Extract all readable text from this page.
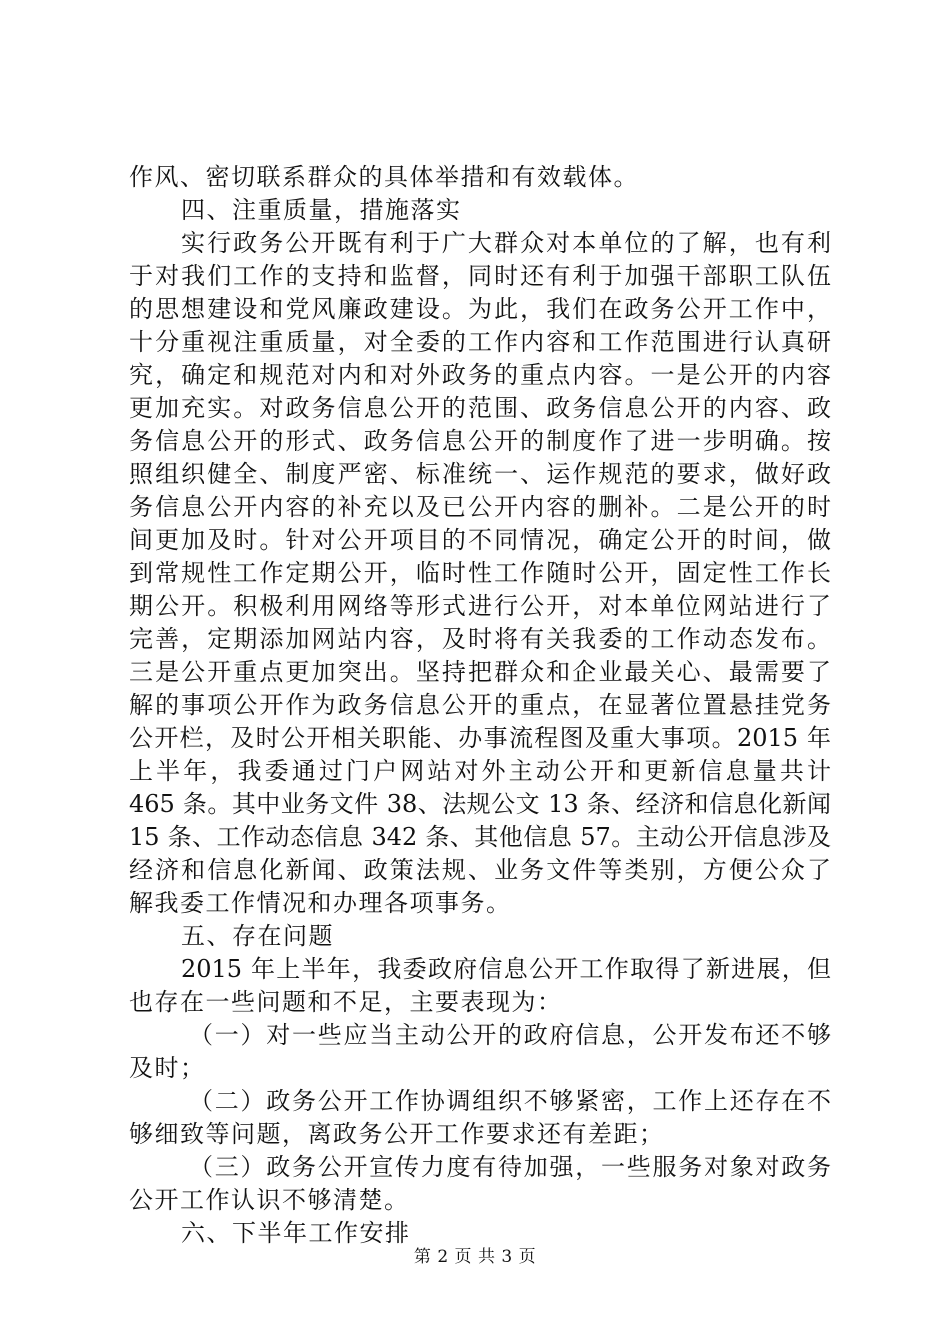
作风、密切联系群众的具体举措和有效载体。
四、注重质量，措施落实
实行政务公开既有利于广大群众对本单位的了解，也有利
于对我们工作的支持和监督，同时还有利于加强干部职工队伍
的思想建设和党风廉政建设。为此，我们在政务公开工作中，
十分重视注重质量，对全委的工作内容和工作范围进行认真研
究，确定和规范对内和对外政务的重点内容。一是公开的内容
更加充实。对政务信息公开的范围、政务信息公开的内容、政
务信息公开的形式、政务信息公开的制度作了进一步明确。按
照组织健全、制度严密、标准统一、运作规范的要求，做好政
务信息公开内容的补充以及已公开内容的删补。二是公开的时
间更加及时。针对公开项目的不同情况，确定公开的时间，做
到常规性工作定期公开，临时性工作随时公开，固定性工作长
期公开。积极利用网络等形式进行公开，对本单位网站进行了
完善，定期添加网站内容，及时将有关我委的工作动态发布。
三是公开重点更加突出。坚持把群众和企业最关心、最需要了
解的事项公开作为政务信息公开的重点，在显著位置悬挂党务
公开栏，及时公开相关职能、办事流程图及重大事项。2015 年
上半年，我委通过门户网站对外主动公开和更新信息量共计
465 条。其中业务文件 38、法规公文 13 条、经济和信息化新闻
15 条、工作动态信息 342 条、其他信息 57。主动公开信息涉及
经济和信息化新闻、政策法规、业务文件等类别，方便公众了
解我委工作情况和办理各项事务。
五、存在问题
2015 年上半年，我委政府信息公开工作取得了新进展，但
也存在一些问题和不足，主要表现为：
（一）对一些应当主动公开的政府信息，公开发布还不够
及时；
（二）政务公开工作协调组织不够紧密，工作上还存在不
够细致等问题，离政务公开工作要求还有差距；
（三）政务公开宣传力度有待加强，一些服务对象对政务
公开工作认识不够清楚。
六、下半年工作安排
第 2 页 共 3 页
